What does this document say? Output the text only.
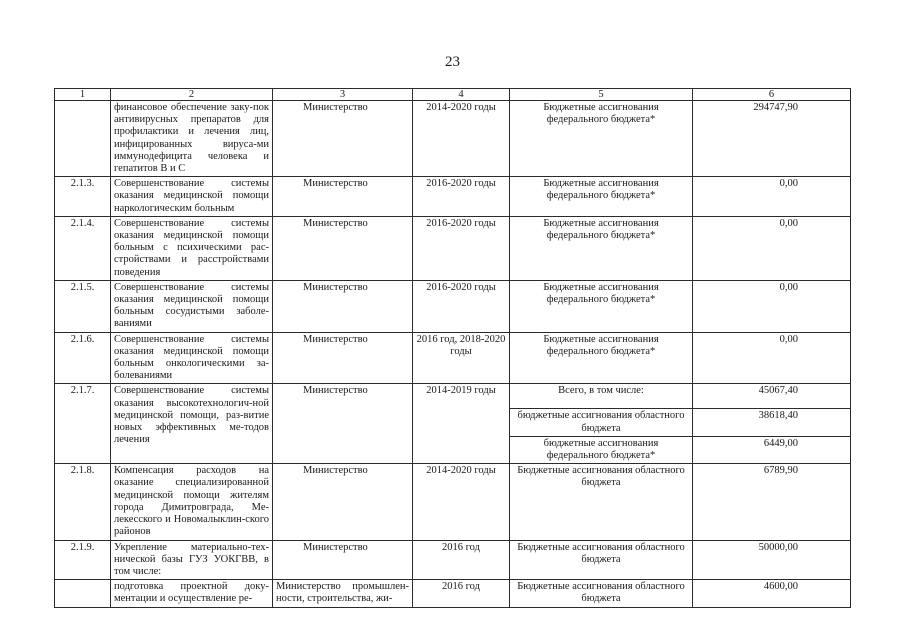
23
1	2	3	4	5	6
	финансовое обеспечение заку-пок антивирусных препаратов для профилактики и лечения лиц, инфицированных вируса-ми иммунодефицита человека и гепатитов В и С	Министерство	2014-2020 годы	Бюджетные ассигнования федерального бюджета*	294747,90
2.1.3.	Совершенствование системы оказания медицинской помощи наркологическим больным	Министерство	2016-2020 годы	Бюджетные ассигнования федерального бюджета*	0,00
2.1.4.	Совершенствование системы оказания медицинской помощи больным с психическими рас-стройствами и расстройствами поведения	Министерство	2016-2020 годы	Бюджетные ассигнования федерального бюджета*	0,00
2.1.5.	Совершенствование системы оказания медицинской помощи больным сосудистыми заболе-ваниями	Министерство	2016-2020 годы	Бюджетные ассигнования федерального бюджета*	0,00
2.1.6.	Совершенствование системы оказания медицинской помощи больным онкологическими за-болеваниями	Министерство	2016 год, 2018-2020 годы	Бюджетные ассигнования федерального бюджета*	0,00
2.1.7.	Совершенствование системы оказания высокотехнологич-ной медицинской помощи, раз-витие новых эффективных ме-тодов лечения	Министерство	2014-2019 годы	Всего, в том числе:	45067,40
				бюджетные ассигнования областного бюджета	38618,40
				бюджетные ассигнования федерального бюджета*	6449,00
2.1.8.	Компенсация расходов на оказание специализированной медицинской помощи жителям города Димитровграда, Ме-лекесского и Новомалыклин-ского районов	Министерство	2014-2020 годы	Бюджетные ассигнования областного бюджета	6789,90
2.1.9.	Укрепление материально-тех-нической базы ГУЗ УОКГВВ, в том числе:	Министерство	2016 год	Бюджетные ассигнования областного бюджета	50000,00
	подготовка проектной доку-ментации и осуществление ре-	Министерство промышлен-ности, строительства, жи-	2016 год	Бюджетные ассигнования областного бюджета	4600,00
